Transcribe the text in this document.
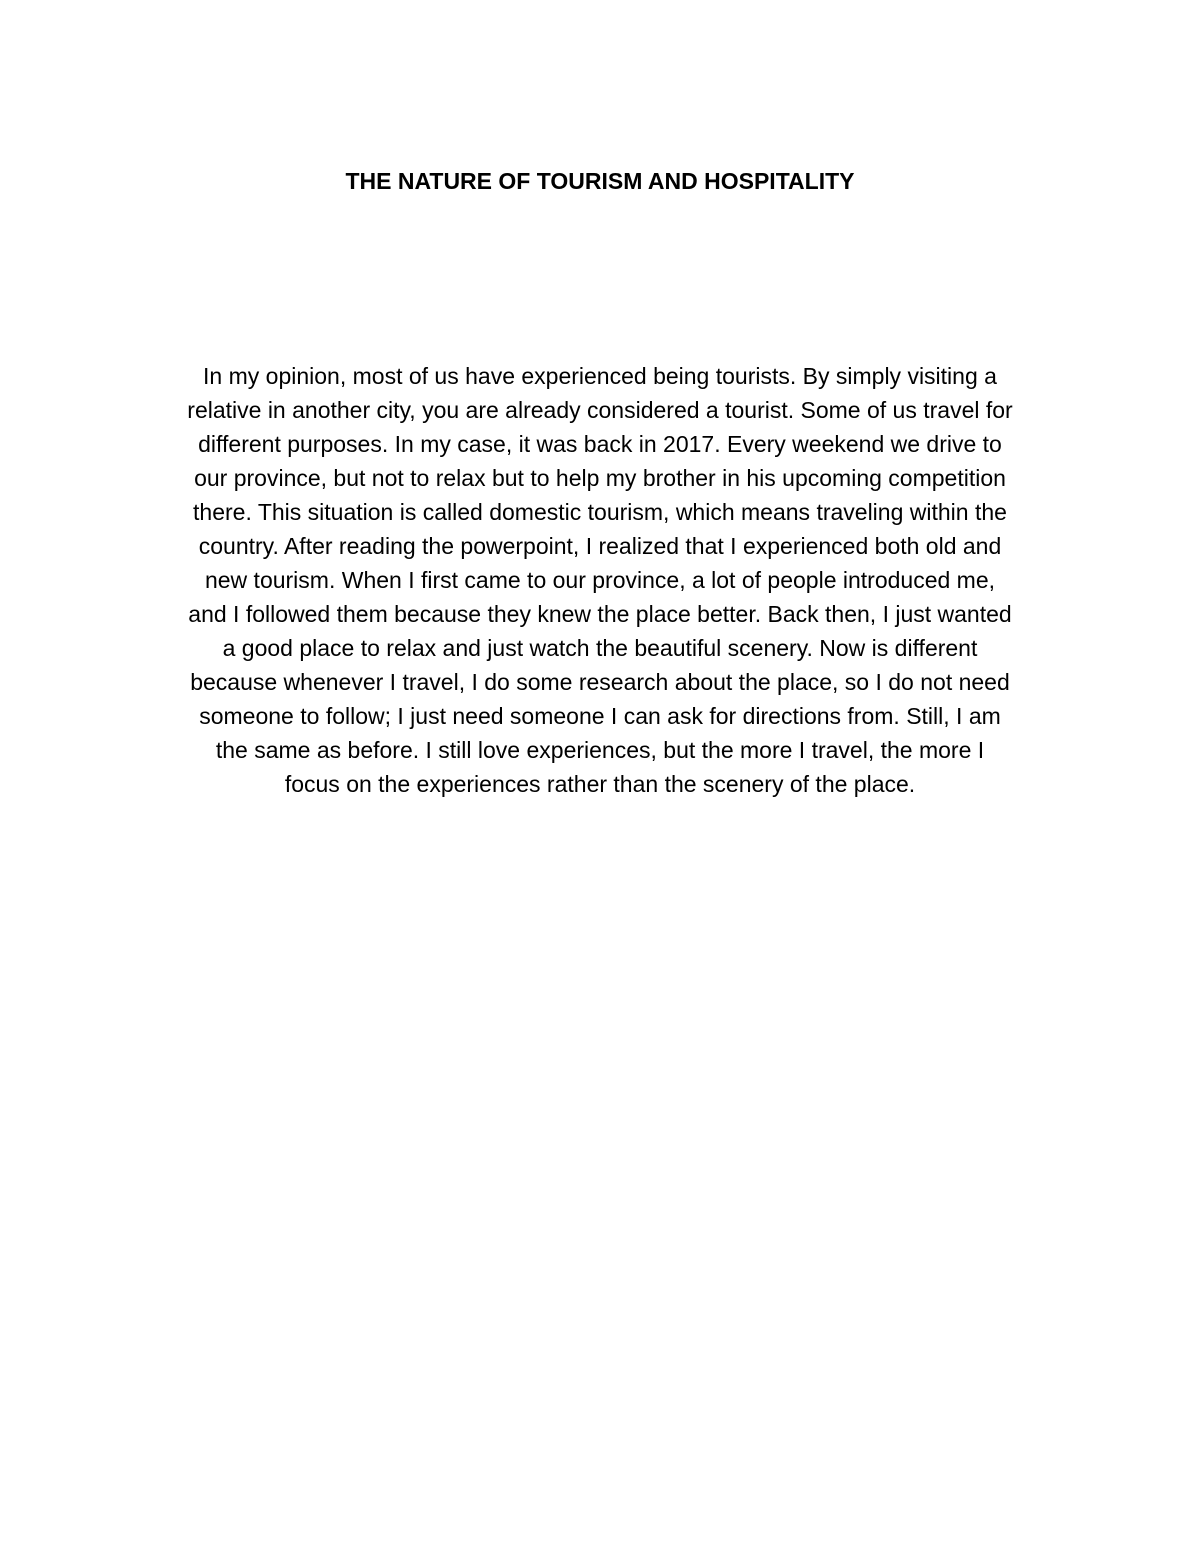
THE NATURE OF TOURISM AND HOSPITALITY
In my opinion, most of us have experienced being tourists. By simply visiting a
relative in another city, you are already considered a tourist. Some of us travel for
different purposes. In my case, it was back in 2017. Every weekend we drive to
our province, but not to relax but to help my brother in his upcoming competition
there. This situation is called domestic tourism, which means traveling within the
country. After reading the powerpoint, I realized that I experienced both old and
new tourism. When I first came to our province, a lot of people introduced me,
and I followed them because they knew the place better. Back then, I just wanted
a good place to relax and just watch the beautiful scenery. Now is different
because whenever I travel, I do some research about the place, so I do not need
someone to follow; I just need someone I can ask for directions from. Still, I am
the same as before. I still love experiences, but the more I travel, the more I
focus on the experiences rather than the scenery of the place.
